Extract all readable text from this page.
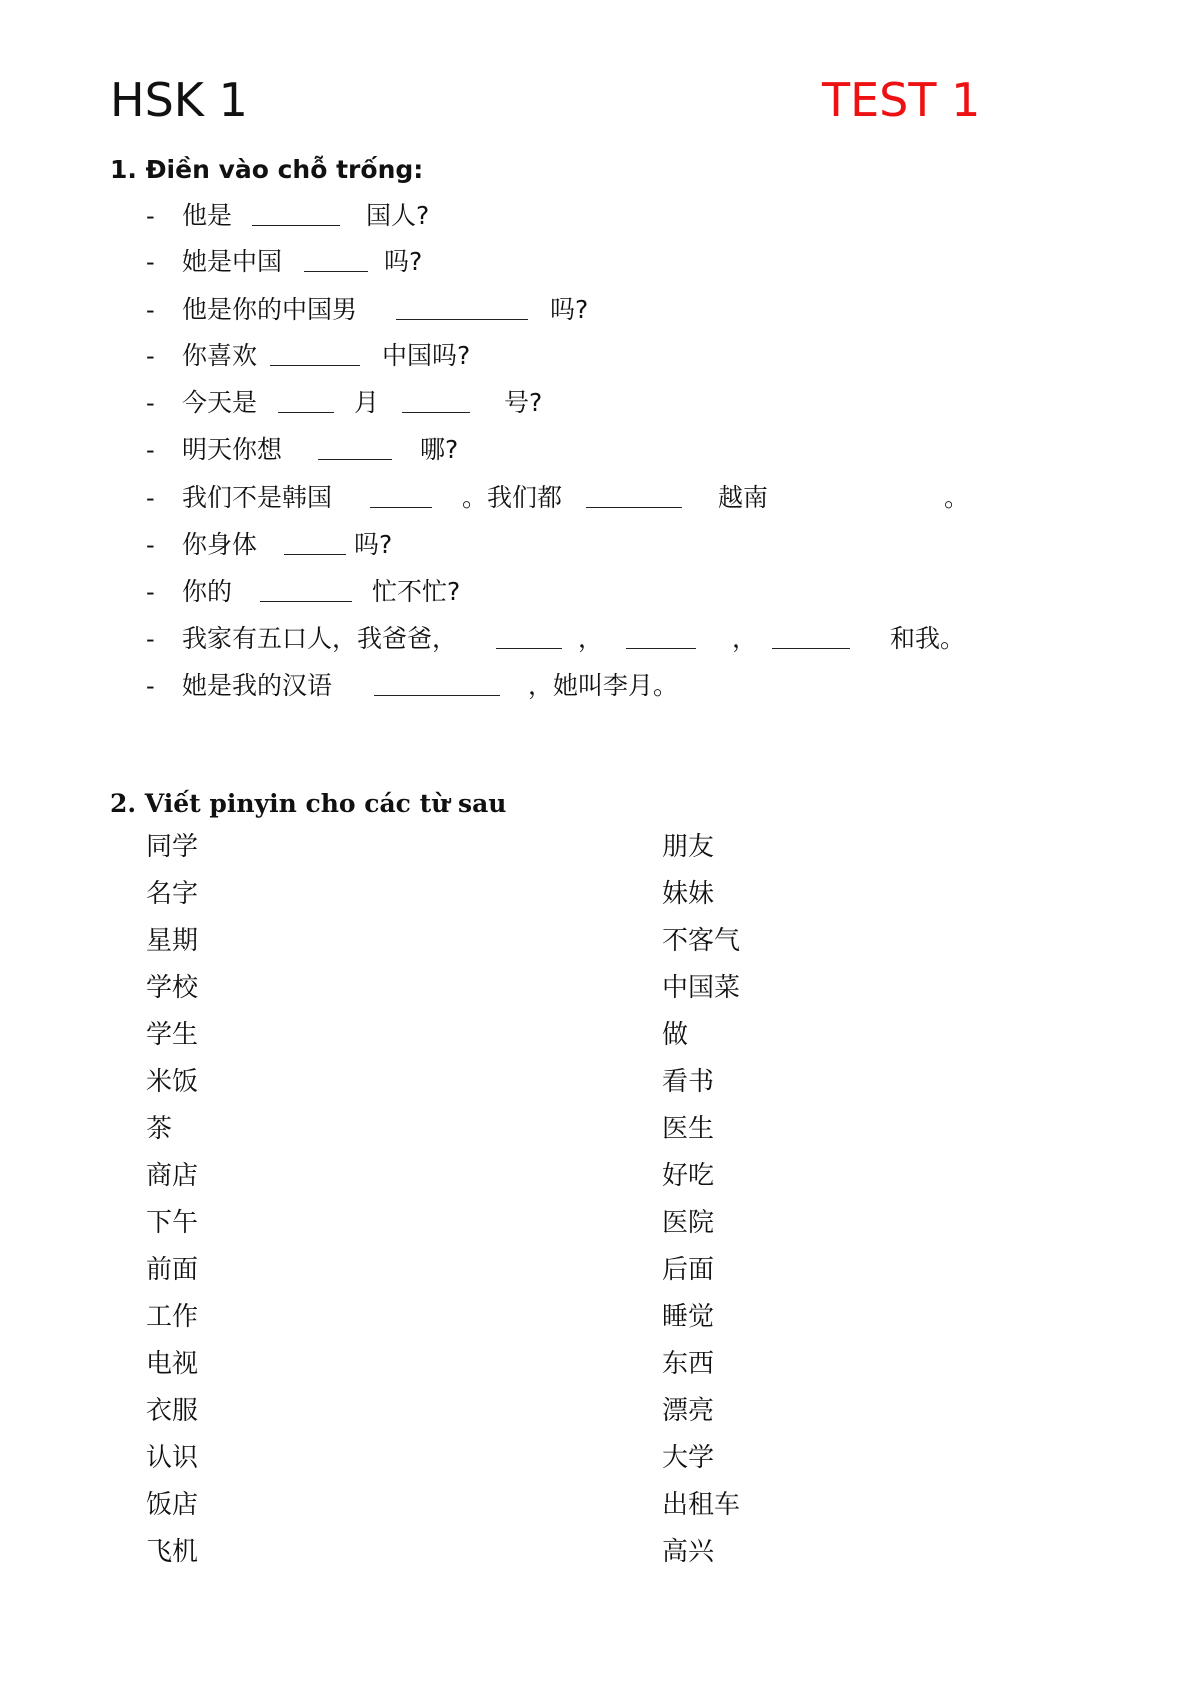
HSK 1	TEST 1
1. Điền vào chỗ trống:
- 他是	国人?
- 她是中国	吗?
- 他是你的中国男	吗?
- 你喜欢	中国吗?
- 今天是	月	号?
- 明天你想	哪?
- 我们不是韩国	。我们都	越南	。
- 你身体	吗?
- 你的	忙不忙?
- 我家有五口人，我爸爸，	，	，	和我。
- 她是我的汉语	，她叫李月。
2. Viết pinyin cho các từ sau
同学
名字
星期
学校
学生
米饭
茶
商店
下午
前面
工作
电视
衣服
认识
饭店
飞机
朋友
妹妹
不客气
中国菜
做
看书
医生
好吃
医院
后面
睡觉
东西
漂亮
大学
出租车
高兴
